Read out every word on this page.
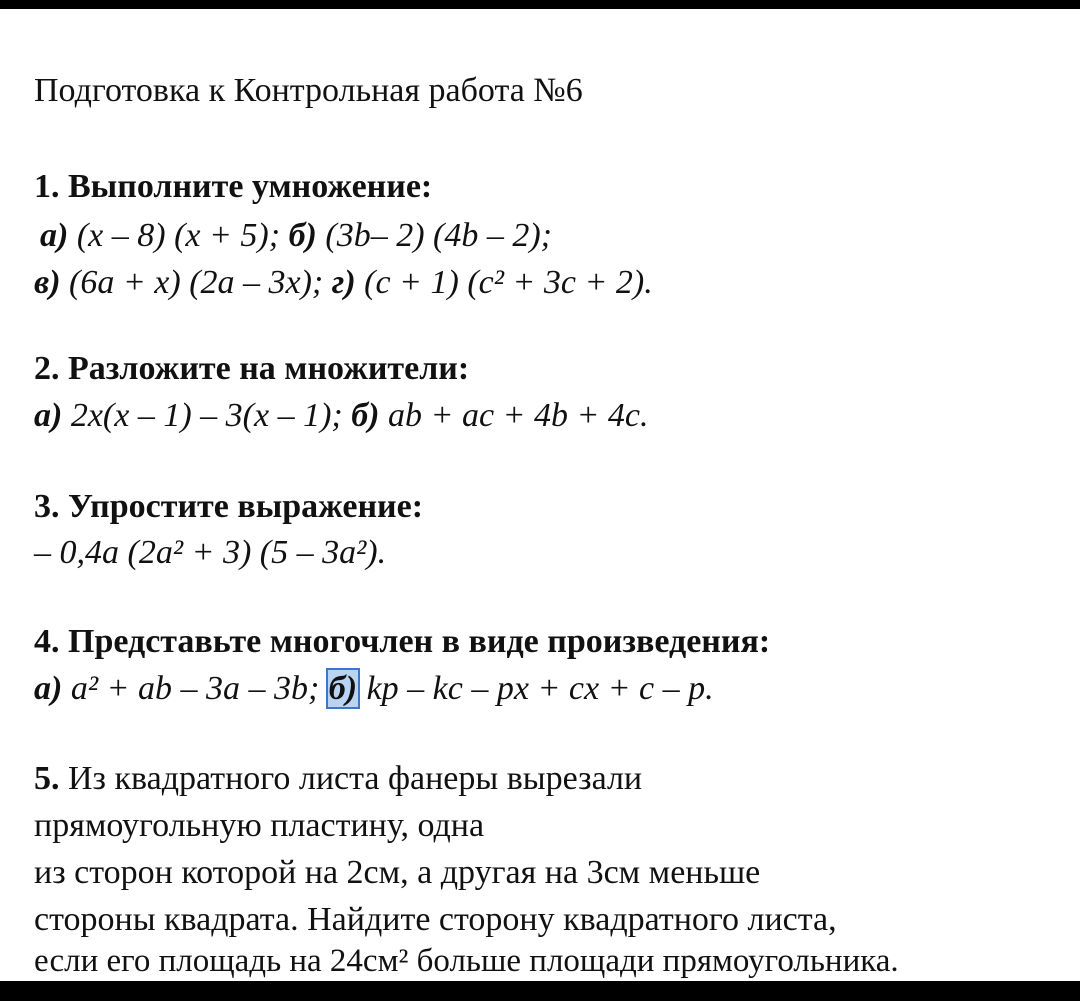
Подготовка к Контрольная работа №6
1. Выполните умножение:
а) (x – 8) (x + 5); б) (3b– 2) (4b – 2);
в) (6a + x) (2a – 3x); г) (c + 1) (c² + 3c + 2).
2. Разложите на множители:
а) 2x(x – 1) – 3(x – 1); б) ab + ac + 4b + 4c.
3. Упростите выражение:
– 0,4a (2a² + 3) (5 – 3a²).
4. Представьте многочлен в виде произведения:
а) a² + ab – 3a – 3b; б) kp – kc – px + cx + c – p.
5. Из квадратного листа фанеры вырезали
прямоугольную пластину, одна
из сторон которой на 2см, а другая на 3см меньше
стороны квадрата. Найдите сторону квадратного листа,
если его площадь на 24см² больше площади прямоугольника.
